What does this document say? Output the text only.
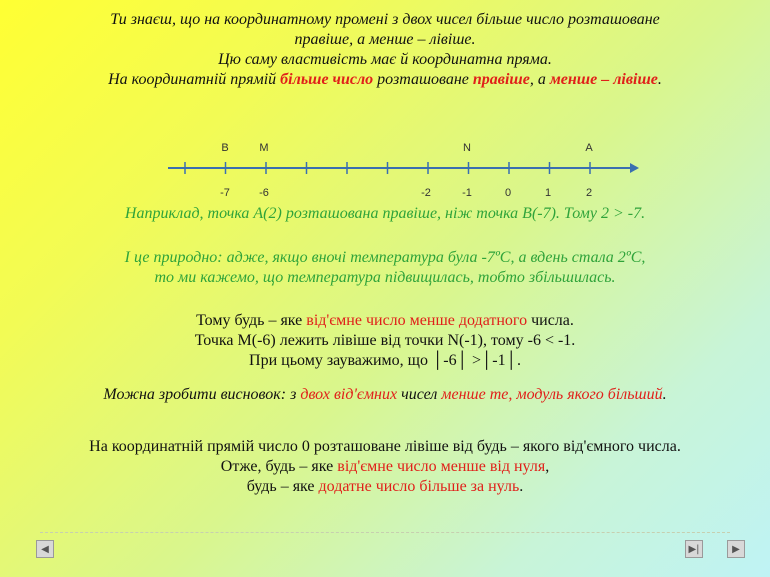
Ти знаєш, що на координатному промені з двох чисел більше число розташоване
правіше, а менше – лівіше.
Цю саму властивість має й координатна пряма.
На координатній прямій більше число розташоване правіше, а менше – лівіше.
B	M	N	A
-7	-6	-2	-1	0	1	2
Наприклад, точка А(2) розташована правіше, ніж точка В(-7). Тому 2 > -7.
І це природно: адже, якщо вночі температура була -7ºС, а вдень стала 2ºС,
то ми кажемо, що температура підвищилась, тобто збільшилась.
Тому будь – яке від'ємне число менше додатного числа.
Точка М(-6) лежить лівіше від точки N(-1), тому -6 < -1.
При цьому зауважимо, що │-6│ >│-1│.
Можна зробити висновок: з двох від'ємних чисел менше те, модуль якого більший.
На координатній прямій число 0 розташоване лівіше від будь – якого від'ємного числа.
Отже, будь – яке від'ємне число менше від нуля,
будь – яке додатне число більше за нуль.
◀	▶|	▶
